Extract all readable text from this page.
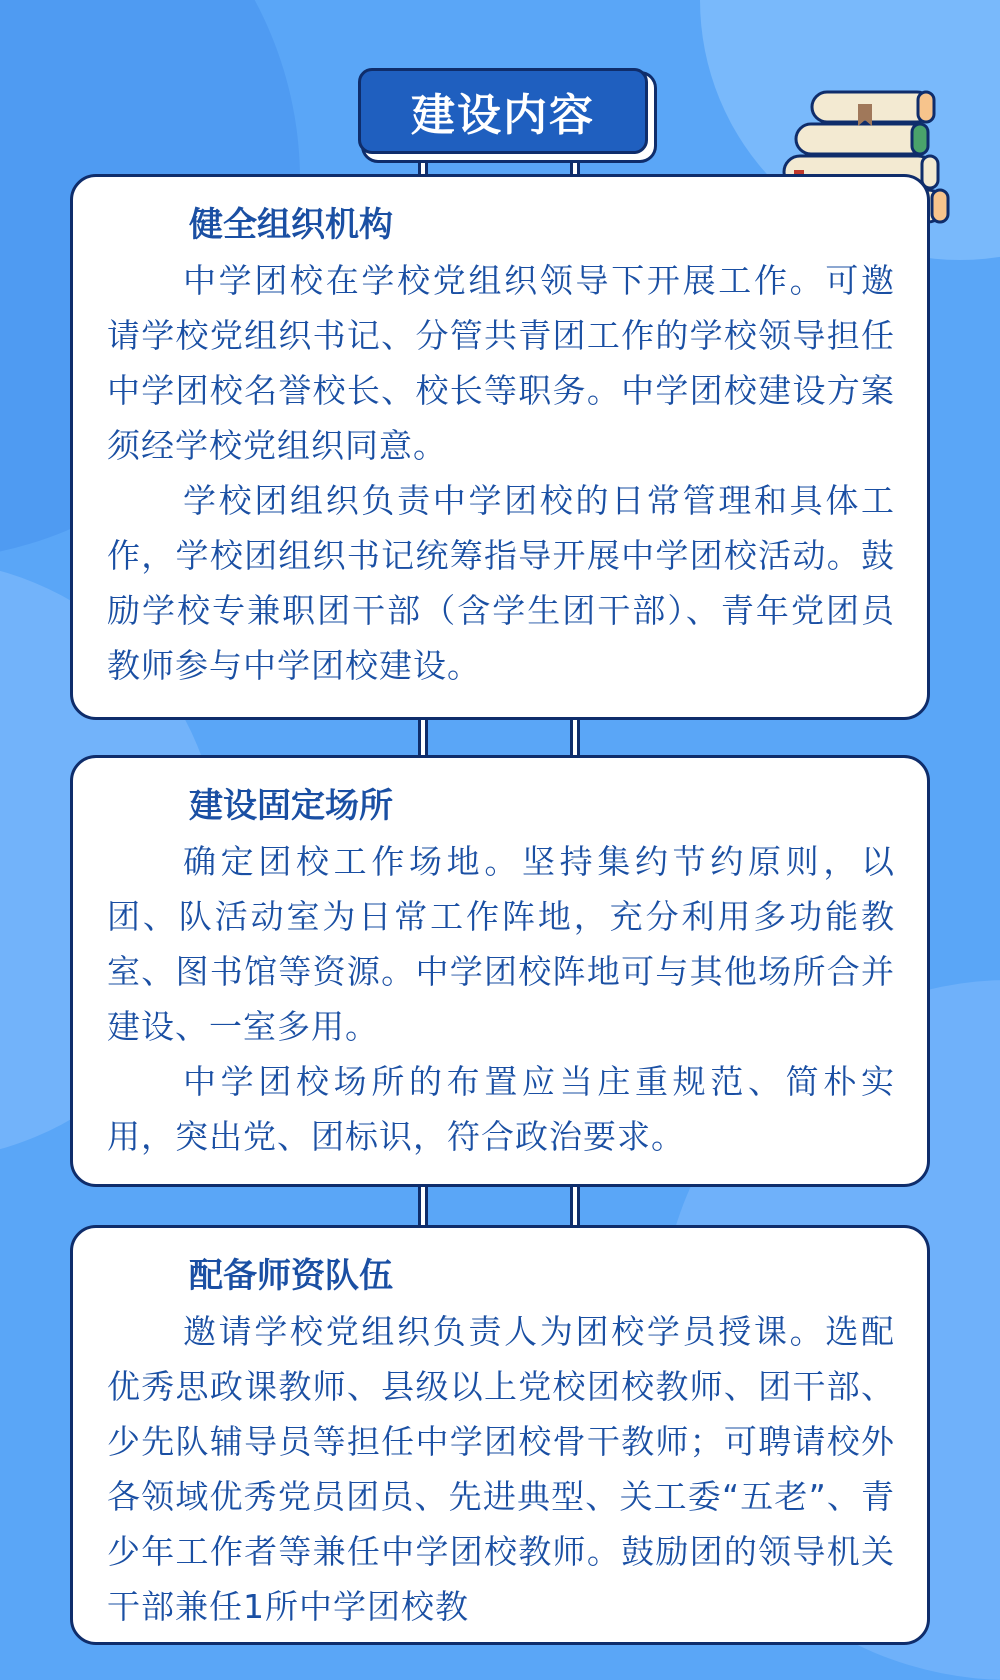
建设内容
健全组织机构

中学团校在学校党组织领导下开展工作。可邀请学校党组织书记、分管共青团工作的学校领导担任中学团校名誉校长、校长等职务。中学团校建设方案须经学校党组织同意。

学校团组织负责中学团校的日常管理和具体工作，学校团组织书记统筹指导开展中学团校活动。鼓励学校专兼职团干部（含学生团干部）、青年党团员教师参与中学团校建设。

建设固定场所

确定团校工作场地。坚持集约节约原则，以团、队活动室为日常工作阵地，充分利用多功能教室、图书馆等资源。中学团校阵地可与其他场所合并建设、一室多用。

中学团校场所的布置应当庄重规范、简朴实用，突出党、团标识，符合政治要求。

配备师资队伍

邀请学校党组织负责人为团校学员授课。选配优秀思政课教师、县级以上党校团校教师、团干部、少先队辅导员等担任中学团校骨干教师；可聘请校外各领域优秀党员团员、先进典型、关工委“五老”、青少年工作者等兼任中学团校教师。鼓励团的领导机关干部兼任1所中学团校教
